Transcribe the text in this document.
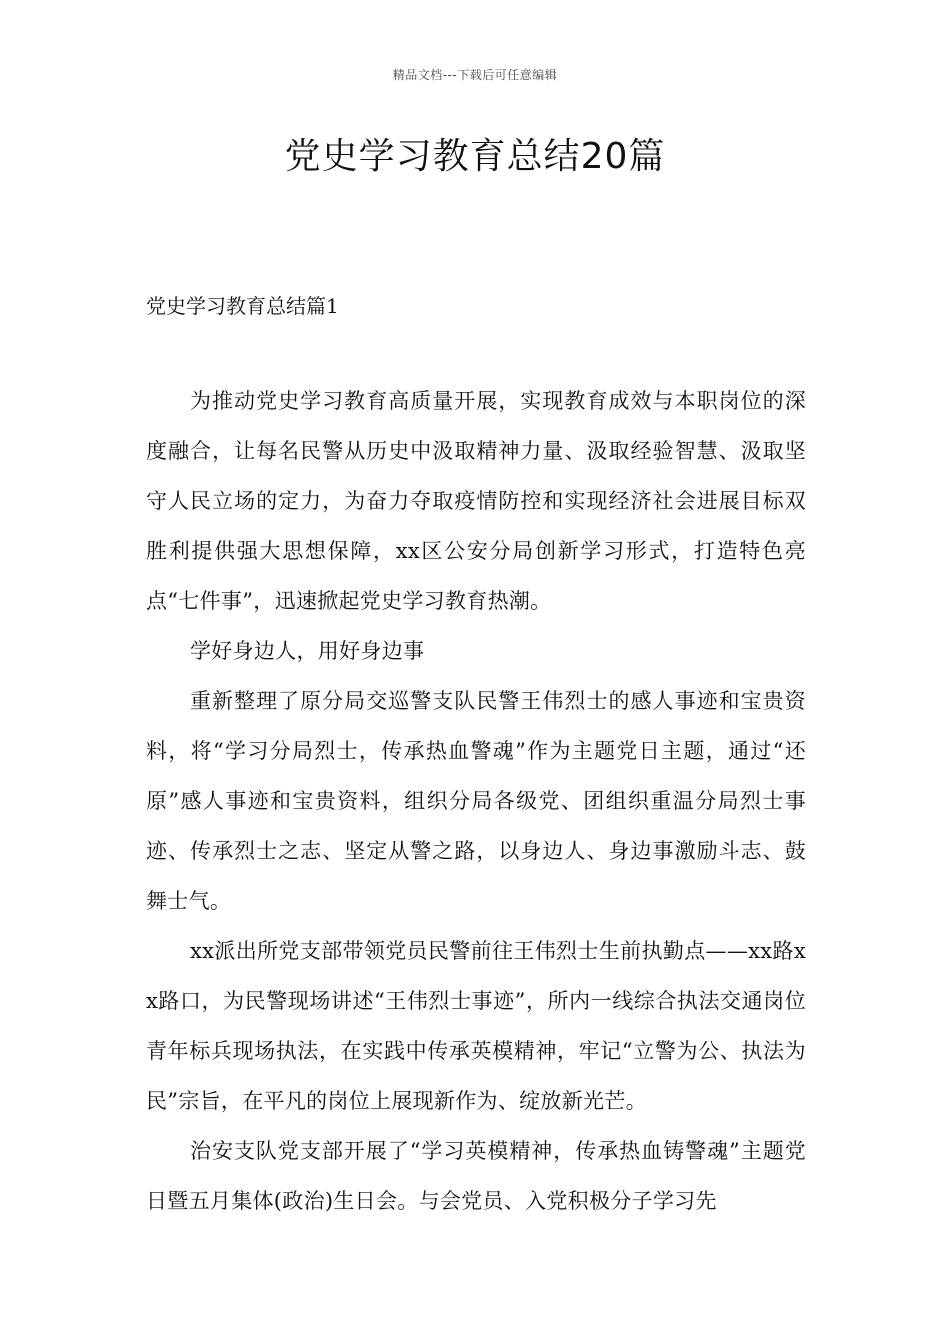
精品文档---下载后可任意编辑
党史学习教育总结20篇
党史学习教育总结篇1

为推动党史学习教育高质量开展，实现教育成效与本职岗位的深度融合，让每名民警从历史中汲取精神力量、汲取经验智慧、汲取坚守人民立场的定力，为奋力夺取疫情防控和实现经济社会进展目标双胜利提供强大思想保障，xx区公安分局创新学习形式，打造特色亮点“七件事”，迅速掀起党史学习教育热潮。

学好身边人，用好身边事

重新整理了原分局交巡警支队民警王伟烈士的感人事迹和宝贵资料，将“学习分局烈士，传承热血警魂”作为主题党日主题，通过“还原”感人事迹和宝贵资料，组织分局各级党、团组织重温分局烈士事迹、传承烈士之志、坚定从警之路，以身边人、身边事激励斗志、鼓舞士气。

xx派出所党支部带领党员民警前往王伟烈士生前执勤点——xx路xx路口，为民警现场讲述“王伟烈士事迹”，所内一线综合执法交通岗位青年标兵现场执法，在实践中传承英模精神，牢记“立警为公、执法为民”宗旨，在平凡的岗位上展现新作为、绽放新光芒。

治安支队党支部开展了“学习英模精神，传承热血铸警魂”主题党日暨五月集体(政治)生日会。与会党员、入党积极分子学习先
